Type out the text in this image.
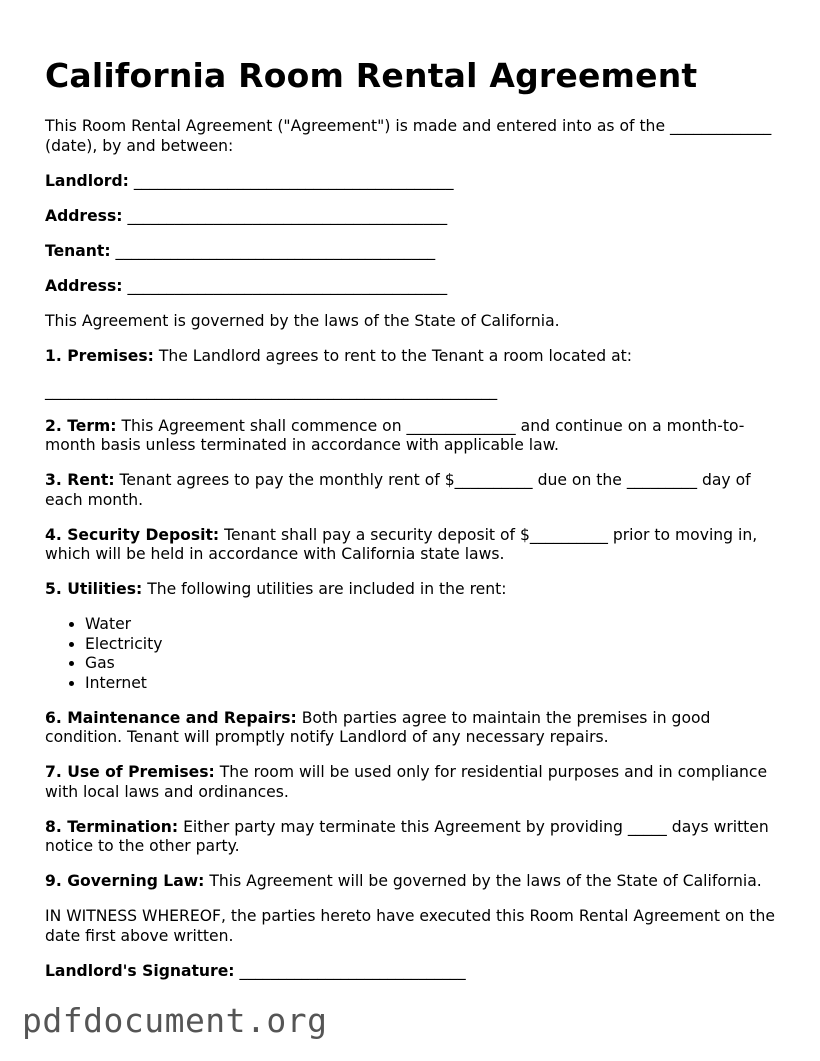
California Room Rental Agreement

This Room Rental Agreement ("Agreement") is made and entered into as of the _____________ (date), by and between:

Landlord: _________________________________________

Address: _________________________________________

Tenant: _________________________________________

Address: _________________________________________

This Agreement is governed by the laws of the State of California.

1. Premises: The Landlord agrees to rent to the Tenant a room located at:

__________________________________________________________

2. Term: This Agreement shall commence on ______________ and continue on a month-to-month basis unless terminated in accordance with applicable law.

3. Rent: Tenant agrees to pay the monthly rent of $__________ due on the _________ day of each month.

4. Security Deposit: Tenant shall pay a security deposit of $__________ prior to moving in, which will be held in accordance with California state laws.

5. Utilities: The following utilities are included in the rent:

• Water
• Electricity
• Gas
• Internet

6. Maintenance and Repairs: Both parties agree to maintain the premises in good condition. Tenant will promptly notify Landlord of any necessary repairs.

7. Use of Premises: The room will be used only for residential purposes and in compliance with local laws and ordinances.

8. Termination: Either party may terminate this Agreement by providing _____ days written notice to the other party.

9. Governing Law: This Agreement will be governed by the laws of the State of California.

IN WITNESS WHEREOF, the parties hereto have executed this Room Rental Agreement on the date first above written.

Landlord's Signature: _____________________________

pdfdocument.org
